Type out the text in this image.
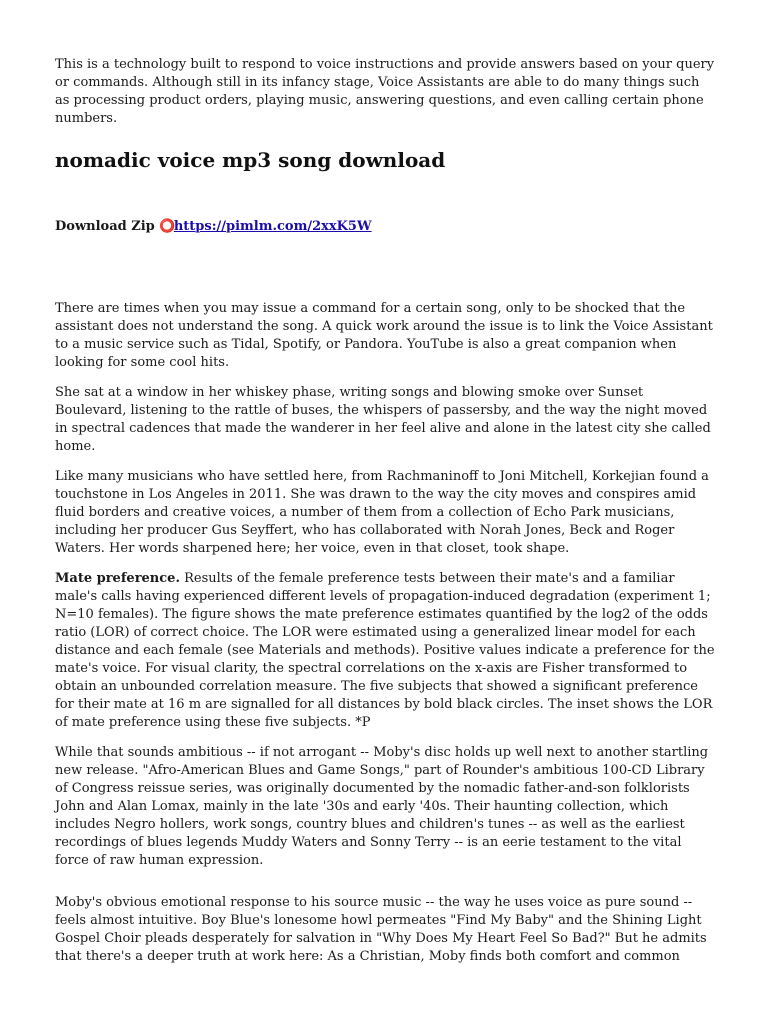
This is a technology built to respond to voice instructions and provide answers based on your query or commands. Although still in its infancy stage, Voice Assistants are able to do many things such as processing product orders, playing music, answering questions, and even calling certain phone numbers.

nomadic voice mp3 song download
Download Zip ⭕ https://pimlm.com/2xxK5W

There are times when you may issue a command for a certain song, only to be shocked that the assistant does not understand the song. A quick work around the issue is to link the Voice Assistant to a music service such as Tidal, Spotify, or Pandora. YouTube is also a great companion when looking for some cool hits.

She sat at a window in her whiskey phase, writing songs and blowing smoke over Sunset Boulevard, listening to the rattle of buses, the whispers of passersby, and the way the night moved in spectral cadences that made the wanderer in her feel alive and alone in the latest city she called home.

Like many musicians who have settled here, from Rachmaninoff to Joni Mitchell, Korkejian found a touchstone in Los Angeles in 2011. She was drawn to the way the city moves and conspires amid fluid borders and creative voices, a number of them from a collection of Echo Park musicians, including her producer Gus Seyffert, who has collaborated with Norah Jones, Beck and Roger Waters. Her words sharpened here; her voice, even in that closet, took shape.

Mate preference. Results of the female preference tests between their mate's and a familiar male's calls having experienced different levels of propagation-induced degradation (experiment 1; N=10 females). The figure shows the mate preference estimates quantified by the log2 of the odds ratio (LOR) of correct choice. The LOR were estimated using a generalized linear model for each distance and each female (see Materials and methods). Positive values indicate a preference for the mate's voice. For visual clarity, the spectral correlations on the x-axis are Fisher transformed to obtain an unbounded correlation measure. The five subjects that showed a significant preference for their mate at 16 m are signalled for all distances by bold black circles. The inset shows the LOR of mate preference using these five subjects. *P

While that sounds ambitious -- if not arrogant -- Moby's disc holds up well next to another startling new release. "Afro-American Blues and Game Songs," part of Rounder's ambitious 100-CD Library of Congress reissue series, was originally documented by the nomadic father-and-son folklorists John and Alan Lomax, mainly in the late '30s and early '40s. Their haunting collection, which includes Negro hollers, work songs, country blues and children's tunes -- as well as the earliest recordings of blues legends Muddy Waters and Sonny Terry -- is an eerie testament to the vital force of raw human expression.

Moby's obvious emotional response to his source music -- the way he uses voice as pure sound -- feels almost intuitive. Boy Blue's lonesome howl permeates "Find My Baby" and the Shining Light Gospel Choir pleads desperately for salvation in "Why Does My Heart Feel So Bad?" But he admits that there's a deeper truth at work here: As a Christian, Moby finds both comfort and common
